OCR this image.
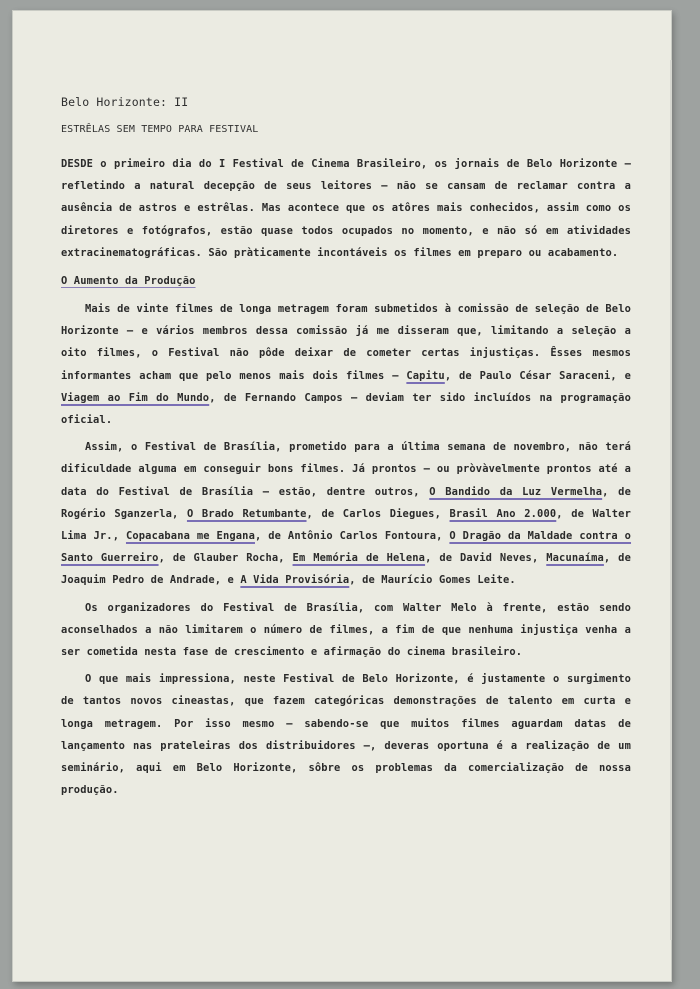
Belo Horizonte: II
ESTRÊLAS SEM TEMPO PARA FESTIVAL

DESDE o primeiro dia do I Festival de Cinema Brasileiro, os jornais de Belo Horizonte — refletindo a natural decepção de seus leitores — não se cansam de reclamar contra a ausência de astros e estrêlas. Mas acontece que os atôres mais conhecidos, assim como os diretores e fotógrafos, estão quase todos ocupados no momento, e não só em atividades extracinematográficas. São pràticamente incontáveis os filmes em preparo ou acabamento.

O Aumento da Produção

Mais de vinte filmes de longa metragem foram submetidos à comissão de seleção de Belo Horizonte — e vários membros dessa comissão já me disseram que, limitando a seleção a oito filmes, o Festival não pôde deixar de cometer certas injustiças. Êsses mesmos informantes acham que pelo menos mais dois filmes — Capitu, de Paulo César Saraceni, e Viagem ao Fim do Mundo, de Fernando Campos — deviam ter sido incluídos na programação oficial.

Assim, o Festival de Brasília, prometido para a última semana de novembro, não terá dificuldade alguma em conseguir bons filmes. Já prontos — ou pròvàvelmente prontos até a data do Festival de Brasília — estão, dentre outros, O Bandido da Luz Vermelha, de Rogério Sganzerla, O Brado Retumbante, de Carlos Diegues, Brasil Ano 2.000, de Walter Lima Jr., Copacabana me Engana, de Antônio Carlos Fontoura, O Dragão da Maldade contra o Santo Guerreiro, de Glauber Rocha, Em Memória de Helena, de David Neves, Macunaíma, de Joaquim Pedro de Andrade, e A Vida Provisória, de Maurício Gomes Leite.

Os organizadores do Festival de Brasília, com Walter Melo à frente, estão sendo aconselhados a não limitarem o número de filmes, a fim de que nenhuma injustiça venha a ser cometida nesta fase de crescimento e afirmação do cinema brasileiro.

O que mais impressiona, neste Festival de Belo Horizonte, é justamente o surgimento de tantos novos cineastas, que fazem categóricas demonstrações de talento em curta e longa metragem. Por isso mesmo — sabendo-se que muitos filmes aguardam datas de lançamento nas prateleiras dos distribuidores —, deveras oportuna é a realização de um seminário, aqui em Belo Horizonte, sôbre os problemas da comercialização de nossa produção.
